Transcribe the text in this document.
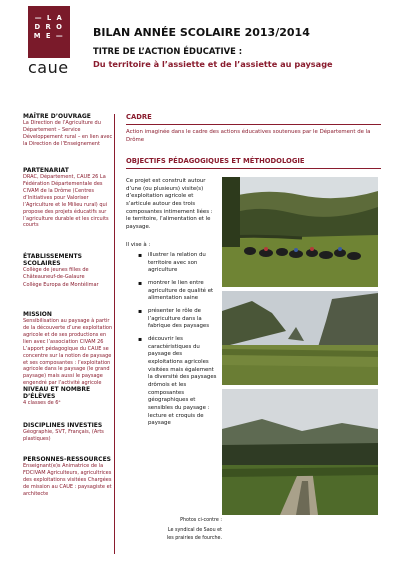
— L A
D R O
M E —
caue
BILAN ANNÉE SCOLAIRE 2013/2014
TITRE DE L’ACTION ÉDUCATIVE :
Du territoire à l’assiette et de l’assiette au paysage
MAÎTRE D’OUVRAGE

La Direction de l’Agriculture du Département – Service Développement rural – en lien avec la Direction de l’Enseignement

PARTENARIAT

DRAC, Département, CAUE 26 La Fédération Départementale des CIVAM de la Drôme (Centres d’Initiatives pour Valoriser l’Agriculture et le Milieu rural) qui propose des projets éducatifs sur l’agriculture durable et les circuits courts

ÉTABLISSEMENTS SCOLAIRES

Collège de jeunes filles de Châteauneuf-de-Galaure

Collège Europa de Montélimar

MISSION

Sensibilisation au paysage à partir de la découverte d’une exploitation agricole et de ses productions en lien avec l’association CIVAM 26 L’apport pédagogique du CAUE se concentre sur la notion de paysage et ses composantes : l’exploitation agricole dans le paysage (le grand paysage) mais aussi le paysage engendré par l’activité agricole

NIVEAU ET NOMBRE D’ÉLÈVES

4 classes de 6ᵉ

DISCIPLINES INVESTIES

Géographie, SVT, Français, (Arts plastiques)

PERSONNES-RESSOURCES

Enseignant(e)s Animatrice de la FDCIVAM Agriculteurs, agricultrices des exploitations visitées Chargées de mission au CAUE : paysagiste et architecte

CADRE
Action imaginée dans le cadre des actions éducatives soutenues par le Département de la Drôme
OBJECTIFS PÉDAGOGIQUES ET MÉTHODOLOGIE
Ce projet est construit autour d’une (ou plusieurs) visite(s) d’exploitation agricole et s’articule autour des trois composantes intimement liées : le territoire, l’alimentation et le paysage.
Il vise à :
▪ illustrer la relation du territoire avec son agriculture
▪ montrer le lien entre agriculture de qualité et alimentation saine
▪ présenter le rôle de l’agriculture dans la fabrique des paysages
▪ découvrir les caractéristiques du paysage des exploitations agricoles visitées mais également la diversité des paysages drômois et les composantes géographiques et sensibles du paysage : lecture et croquis de paysage
Photos ci-contre :
Le syndical de Saou et
les prairies de fourche.
